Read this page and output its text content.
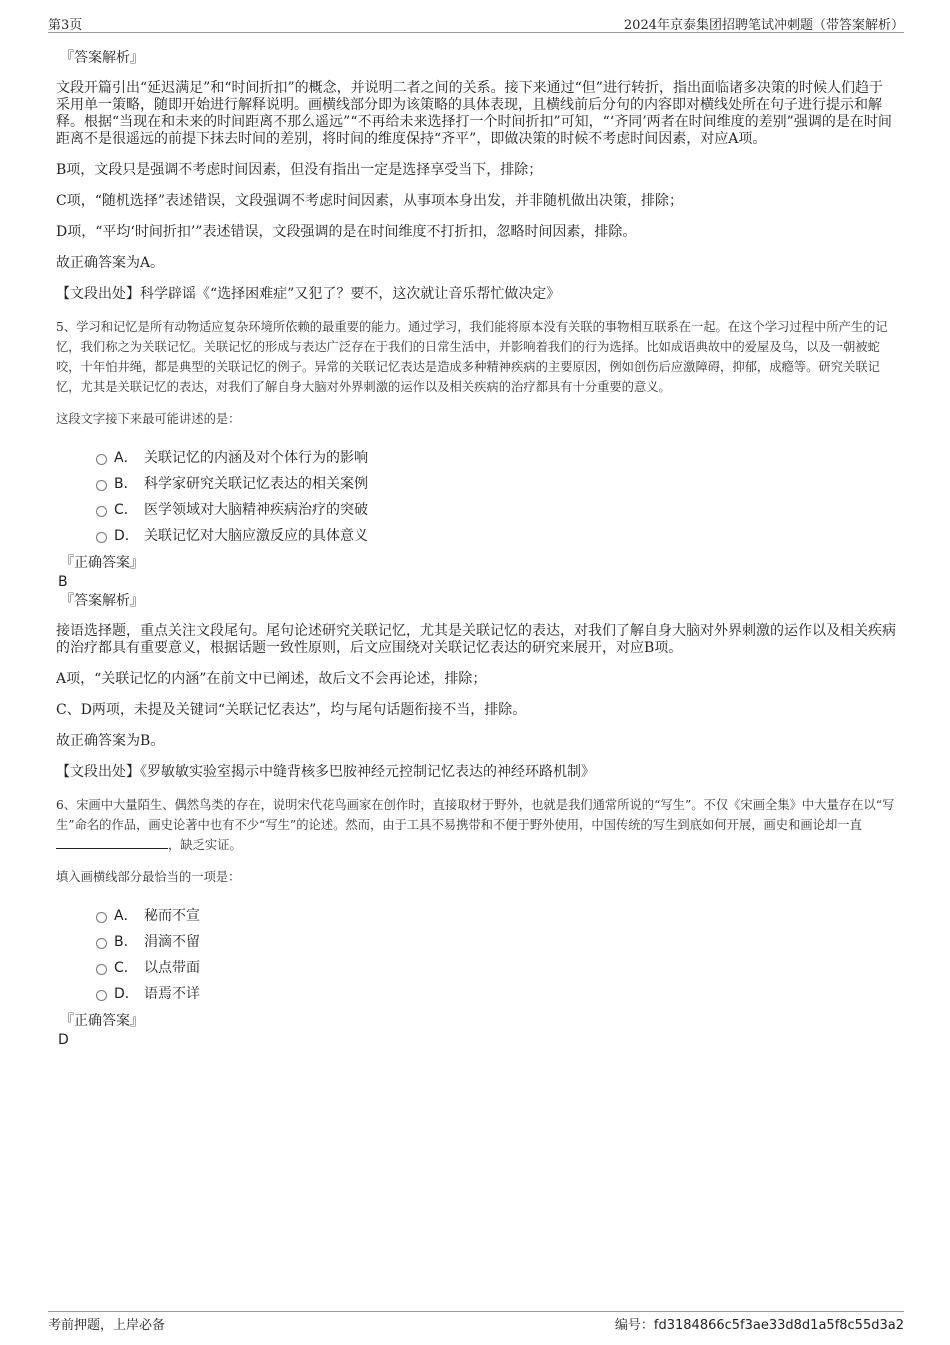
第3页	2024年京泰集团招聘笔试冲刺题（带答案解析）
『答案解析』

文段开篇引出“延迟满足”和“时间折扣”的概念，并说明二者之间的关系。接下来通过“但”进行转折，指出面临诸多决策的时候人们趋于采用单一策略，随即开始进行解释说明。画横线部分即为该策略的具体表现，且横线前后分句的内容即对横线处所在句子进行提示和解释。根据“当现在和未来的时间距离不那么遥远”“不再给未来选择打一个时间折扣”可知，“‘齐同’两者在时间维度的差别”强调的是在时间距离不是很遥远的前提下抹去时间的差别，将时间的维度保持“齐平”，即做决策的时候不考虑时间因素，对应A项。

B项，文段只是强调不考虑时间因素，但没有指出一定是选择享受当下，排除；

C项，“随机选择”表述错误，文段强调不考虑时间因素，从事项本身出发，并非随机做出决策，排除；

D项，“平均‘时间折扣’”表述错误，文段强调的是在时间维度不打折扣，忽略时间因素，排除。

故正确答案为A。

【文段出处】科学辟谣《“选择困难症”又犯了？要不，这次就让音乐帮忙做决定》

5、学习和记忆是所有动物适应复杂环境所依赖的最重要的能力。通过学习，我们能将原本没有关联的事物相互联系在一起。在这个学习过程中所产生的记忆，我们称之为关联记忆。关联记忆的形成与表达广泛存在于我们的日常生活中，并影响着我们的行为选择。比如成语典故中的爱屋及乌，以及一朝被蛇咬，十年怕井绳，都是典型的关联记忆的例子。异常的关联记忆表达是造成多种精神疾病的主要原因，例如创伤后应激障碍，抑郁，成瘾等。研究关联记忆，尤其是关联记忆的表达，对我们了解自身大脑对外界刺激的运作以及相关疾病的治疗都具有十分重要的意义。

这段文字接下来最可能讲述的是：

A． 关联记忆的内涵及对个体行为的影响
B． 科学家研究关联记忆表达的相关案例
C． 医学领域对大脑精神疾病治疗的突破
D． 关联记忆对大脑应激反应的具体意义
『正确答案』
B
『答案解析』

接语选择题，重点关注文段尾句。尾句论述研究关联记忆，尤其是关联记忆的表达，对我们了解自身大脑对外界刺激的运作以及相关疾病的治疗都具有重要意义，根据话题一致性原则，后文应围绕对关联记忆表达的研究来展开，对应B项。

A项，“关联记忆的内涵”在前文中已阐述，故后文不会再论述，排除；

C、D两项，未提及关键词“关联记忆表达”，均与尾句话题衔接不当，排除。

故正确答案为B。

【文段出处】《罗敏敏实验室揭示中缝背核多巴胺神经元控制记忆表达的神经环路机制》

6、宋画中大量陌生、偶然鸟类的存在，说明宋代花鸟画家在创作时，直接取材于野外，也就是我们通常所说的“写生”。不仅《宋画全集》中大量存在以“写生”命名的作品，画史论著中也有不少“写生”的论述。然而，由于工具不易携带和不便于野外使用，中国传统的写生到底如何开展，画史和画论却一直，缺乏实证。

填入画横线部分最恰当的一项是：

A． 秘而不宣
B． 涓滴不留
C． 以点带面
D． 语焉不详
『正确答案』
D
考前押题，上岸必备	编号：fd3184866c5f3ae33d8d1a5f8c55d3a2
